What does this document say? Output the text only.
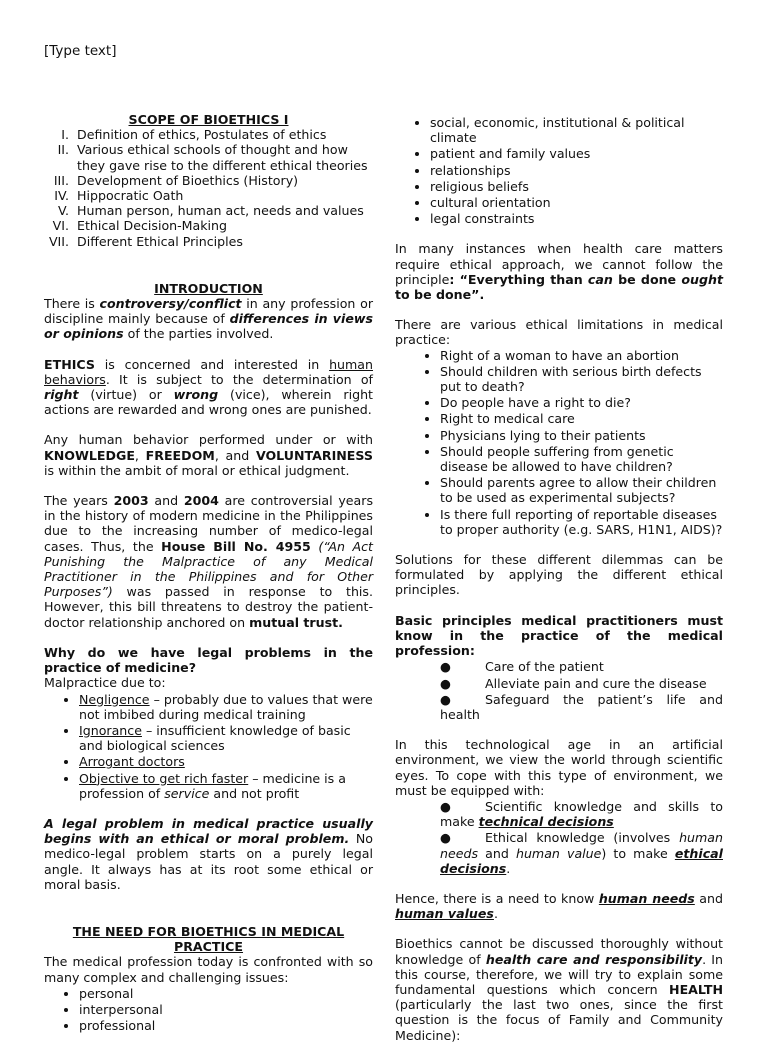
[Type text]
SCOPE OF BIOETHICS I
I. Definition of ethics, Postulates of ethics
II. Various ethical schools of thought and how they gave rise to the different ethical theories
III. Development of Bioethics (History)
IV. Hippocratic Oath
V. Human person, human act, needs and values
VI. Ethical Decision-Making
VII. Different Ethical Principles
INTRODUCTION

There is controversy/conflict in any profession or discipline mainly because of differences in views or opinions of the parties involved.

ETHICS is concerned and interested in human behaviors. It is subject to the determination of right (virtue) or wrong (vice), wherein right actions are rewarded and wrong ones are punished.

Any human behavior performed under or with KNOWLEDGE, FREEDOM, and VOLUNTARINESS is within the ambit of moral or ethical judgment.

The years 2003 and 2004 are controversial years in the history of modern medicine in the Philippines due to the increasing number of medico-legal cases. Thus, the House Bill No. 4955 (“An Act Punishing the Malpractice of any Medical Practitioner in the Philippines and for Other Purposes”) was passed in response to this. However, this bill threatens to destroy the patient-doctor relationship anchored on mutual trust.

Why do we have legal problems in the practice of medicine?

Malpractice due to:

• Negligence – probably due to values that were not imbibed during medical training
• Ignorance – insufficient knowledge of basic and biological sciences
• Arrogant doctors
• Objective to get rich faster – medicine is a profession of service and not profit

A legal problem in medical practice usually begins with an ethical or moral problem. No medico-legal problem starts on a purely legal angle. It always has at its root some ethical or moral basis.

THE NEED FOR BIOETHICS IN MEDICAL PRACTICE

The medical profession today is confronted with so many complex and challenging issues:

• personal
• interpersonal
• professional
• social, economic, institutional & political climate
• patient and family values
• relationships
• religious beliefs
• cultural orientation
• legal constraints

In many instances when health care matters require ethical approach, we cannot follow the principle: “Everything than can be done ought to be done”.

There are various ethical limitations in medical practice:

• Right of a woman to have an abortion
• Should children with serious birth defects put to death?
• Do people have a right to die?
• Right to medical care
• Physicians lying to their patients
• Should people suffering from genetic disease be allowed to have children?
• Should parents agree to allow their children to be used as experimental subjects?
• Is there full reporting of reportable diseases to proper authority (e.g. SARS, H1N1, AIDS)?

Solutions for these different dilemmas can be formulated by applying the different ethical principles.

Basic principles medical practitioners must know in the practice of the medical profession:

●	Care of the patient
●	Alleviate pain and cure the disease
●	Safeguard the patient’s life and health

In this technological age in an artificial environment, we view the world through scientific eyes. To cope with this type of environment, we must be equipped with:

●	Scientific knowledge and skills to make technical decisions
●	Ethical knowledge (involves human needs and human value) to make ethical decisions.

Hence, there is a need to know human needs and human values.

Bioethics cannot be discussed thoroughly without knowledge of health care and responsibility. In this course, therefore, we will try to explain some fundamental questions which concern HEALTH (particularly the last two ones, since the first question is the focus of Family and Community Medicine):
